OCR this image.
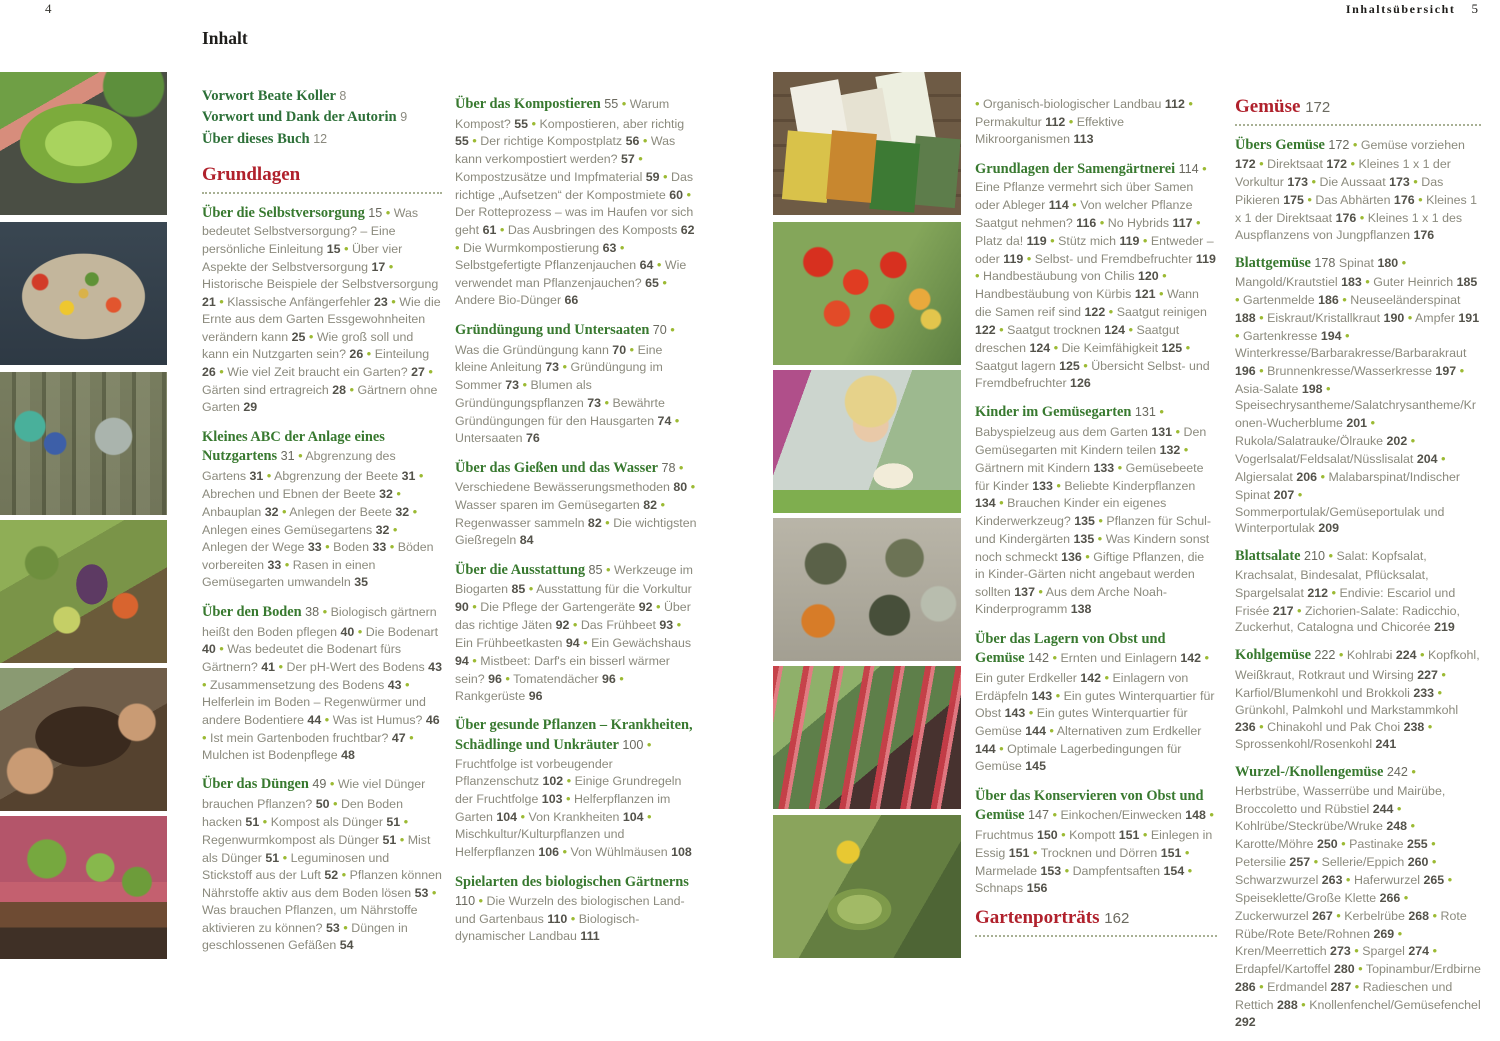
4	Inhaltsübersicht 5
Inhalt
Vorwort Beate Koller 8
Vorwort und Dank der Autorin 9
Über dieses Buch 12
Grundlagen

Über die Selbstversorgung 15 • Was bedeutet Selbstversorgung? – Eine persönliche Einleitung 15 • Über vier Aspekte der Selbstversorgung 17 • Historische Beispiele der Selbstversorgung 21 • Klassische Anfängerfehler 23 • Wie die Ernte aus dem Garten Essgewohnheiten verändern kann 25 • Wie groß soll und kann ein Nutzgarten sein? 26 • Einteilung 26 • Wie viel Zeit braucht ein Garten? 27 • Gärten sind ertragreich 28 • Gärtnern ohne Garten 29

Kleines ABC der Anlage eines Nutzgartens 31 • Abgrenzung des Gartens 31 • Abgrenzung der Beete 31 • Abrechen und Ebnen der Beete 32 • Anbauplan 32 • Anlegen der Beete 32 • Anlegen eines Gemüsegartens 32 • Anlegen der Wege 33 • Boden 33 • Böden vorbereiten 33 • Rasen in einen Gemüsegarten umwandeln 35

Über den Boden 38 • Biologisch gärtnern heißt den Boden pflegen 40 • Die Bodenart 40 • Was bedeutet die Bodenart fürs Gärtnern? 41 • Der pH-Wert des Bodens 43 • Zusammensetzung des Bodens 43 • Helferlein im Boden – Regenwürmer und andere Bodentiere 44 • Was ist Humus? 46 • Ist mein Gartenboden fruchtbar? 47 • Mulchen ist Bodenpflege 48

Über das Düngen 49 • Wie viel Dünger brauchen Pflanzen? 50 • Den Boden hacken 51 • Kompost als Dünger 51 • Regenwurmkompost als Dünger 51 • Mist als Dünger 51 • Leguminosen und Stickstoff aus der Luft 52 • Pflanzen können Nährstoffe aktiv aus dem Boden lösen 53 • Was brauchen Pflanzen, um Nährstoffe aktivieren zu können? 53 • Düngen in geschlossenen Gefäßen 54

Über das Kompostieren 55 • Warum Kompost? 55 • Kompostieren, aber richtig 55 • Der richtige Kompostplatz 56 • Was kann verkompostiert werden? 57 • Kompostzusätze und Impfmaterial 59 • Das richtige „Aufsetzen“ der Kompostmiete 60 • Der Rotteprozess – was im Haufen vor sich geht 61 • Das Ausbringen des Komposts 62 • Die Wurmkompostierung 63 • Selbstgefertigte Pflanzenjauchen 64 • Wie verwendet man Pflanzenjauchen? 65 • Andere Bio-Dünger 66

Gründüngung und Untersaaten 70 • Was die Gründüngung kann 70 • Eine kleine Anleitung 73 • Gründüngung im Sommer 73 • Blumen als Gründüngungspflanzen 73 • Bewährte Gründüngungen für den Hausgarten 74 • Untersaaten 76

Über das Gießen und das Wasser 78 • Verschiedene Bewässerungsmethoden 80 • Wasser sparen im Gemüsegarten 82 • Regenwasser sammeln 82 • Die wichtigsten Gießregeln 84

Über die Ausstattung 85 • Werkzeuge im Biogarten 85 • Ausstattung für die Vorkultur 90 • Die Pflege der Gartengeräte 92 • Über das richtige Jäten 92 • Das Frühbeet 93 • Ein Frühbeetkasten 94 • Ein Gewächshaus 94 • Mistbeet: Darf's ein bisserl wärmer sein? 96 • Tomatendächer 96 • Rankgerüste 96

Über gesunde Pflanzen – Krankheiten, Schädlinge und Unkräuter 100 • Fruchtfolge ist vorbeugender Pflanzenschutz 102 • Einige Grundregeln der Fruchtfolge 103 • Helferpflanzen im Garten 104 • Von Krankheiten 104 • Mischkultur/Kulturpflanzen und Helferpflanzen 106 • Von Wühlmäusen 108

Spielarten des biologischen Gärtnerns 110 • Die Wurzeln des biologischen Land- und Gartenbaus 110 • Biologisch-dynamischer Landbau 111

• Organisch-biologischer Landbau 112 • Permakultur 112 • Effektive Mikroorganismen 113

Grundlagen der Samengärtnerei 114 • Eine Pflanze vermehrt sich über Samen oder Ableger 114 • Von welcher Pflanze Saatgut nehmen? 116 • No Hybrids 117 • Platz da! 119 • Stütz mich 119 • Entweder – oder 119 • Selbst- und Fremdbefruchter 119 • Handbestäubung von Chilis 120 • Handbestäubung von Kürbis 121 • Wann die Samen reif sind 122 • Saatgut reinigen 122 • Saatgut trocknen 124 • Saatgut dreschen 124 • Die Keimfähigkeit 125 • Saatgut lagern 125 • Übersicht Selbst- und Fremdbefruchter 126

Kinder im Gemüsegarten 131 • Babyspielzeug aus dem Garten 131 • Den Gemüsegarten mit Kindern teilen 132 • Gärtnern mit Kindern 133 • Gemüsebeete für Kinder 133 • Beliebte Kinderpflanzen 134 • Brauchen Kinder ein eigenes Kinderwerkzeug? 135 • Pflanzen für Schul- und Kindergärten 135 • Was Kindern sonst noch schmeckt 136 • Giftige Pflanzen, die in Kinder-Gärten nicht angebaut werden sollten 137 • Aus dem Arche Noah-Kinderprogramm 138

Über das Lagern von Obst und Gemüse 142 • Ernten und Einlagern 142 • Ein guter Erdkeller 142 • Einlagern von Erdäpfeln 143 • Ein gutes Winterquartier für Obst 143 • Ein gutes Winterquartier für Gemüse 144 • Alternativen zum Erdkeller 144 • Optimale Lagerbedingungen für Gemüse 145

Über das Konservieren von Obst und Gemüse 147 • Einkochen/Einwecken 148 • Fruchtmus 150 • Kompott 151 • Einlegen in Essig 151 • Trocknen und Dörren 151 • Marmelade 153 • Dampfentsaften 154 • Schnaps 156

Gartenporträts 162
Gemüse 172

Übers Gemüse 172 • Gemüse vorziehen 172 • Direktsaat 172 • Kleines 1 x 1 der Vorkultur 173 • Die Aussaat 173 • Das Pikieren 175 • Das Abhärten 176 • Kleines 1 x 1 der Direktsaat 176 • Kleines 1 x 1 des Auspflanzens von Jungpflanzen 176

Blattgemüse 178 Spinat 180 • Mangold/Krautstiel 183 • Guter Heinrich 185 • Gartenmelde 186 • Neuseeländerspinat 188 • Eiskraut/Kristallkraut 190 • Ampfer 191 • Gartenkresse 194 • Winterkresse/Barbarakresse/Barbarakraut 196 • Brunnenkresse/Wasserkresse 197 • Asia-Salate 198 • Speisechrysantheme/Salatchrysantheme/Kronen-Wucherblume 201 • Rukola/Salatrauke/Ölrauke 202 • Vogerlsalat/Feldsalat/Nüsslisalat 204 • Algiersalat 206 • Malabarspinat/Indischer Spinat 207 • Sommerportulak/Gemüseportulak und Winterportulak 209

Blattsalate 210 • Salat: Kopfsalat, Krachsalat, Bindesalat, Pflücksalat, Spargelsalat 212 • Endivie: Escariol und Frisée 217 • Zichorien-Salate: Radicchio, Zuckerhut, Catalogna und Chicorée 219

Kohlgemüse 222 • Kohlrabi 224 • Kopfkohl, Weißkraut, Rotkraut und Wirsing 227 • Karfiol/Blumenkohl und Brokkoli 233 • Grünkohl, Palmkohl und Markstammkohl 236 • Chinakohl und Pak Choi 238 • Sprossenkohl/Rosenkohl 241

Wurzel-/Knollengemüse 242 • Herbstrübe, Wasserrübe und Mairübe, Broccoletto und Rübstiel 244 • Kohlrübe/Steckrübe/Wruke 248 • Karotte/Möhre 250 • Pastinake 255 • Petersilie 257 • Sellerie/Eppich 260 • Schwarzwurzel 263 • Haferwurzel 265 • Speiseklette/Große Klette 266 • Zuckerwurzel 267 • Kerbelrübe 268 • Rote Rübe/Rote Bete/Rohnen 269 • Kren/Meerrettich 273 • Spargel 274 • Erdapfel/Kartoffel 280 • Topinambur/Erdbirne 286 • Erdmandel 287 • Radieschen und Rettich 288 • Knollenfenchel/Gemüsefenchel 292
